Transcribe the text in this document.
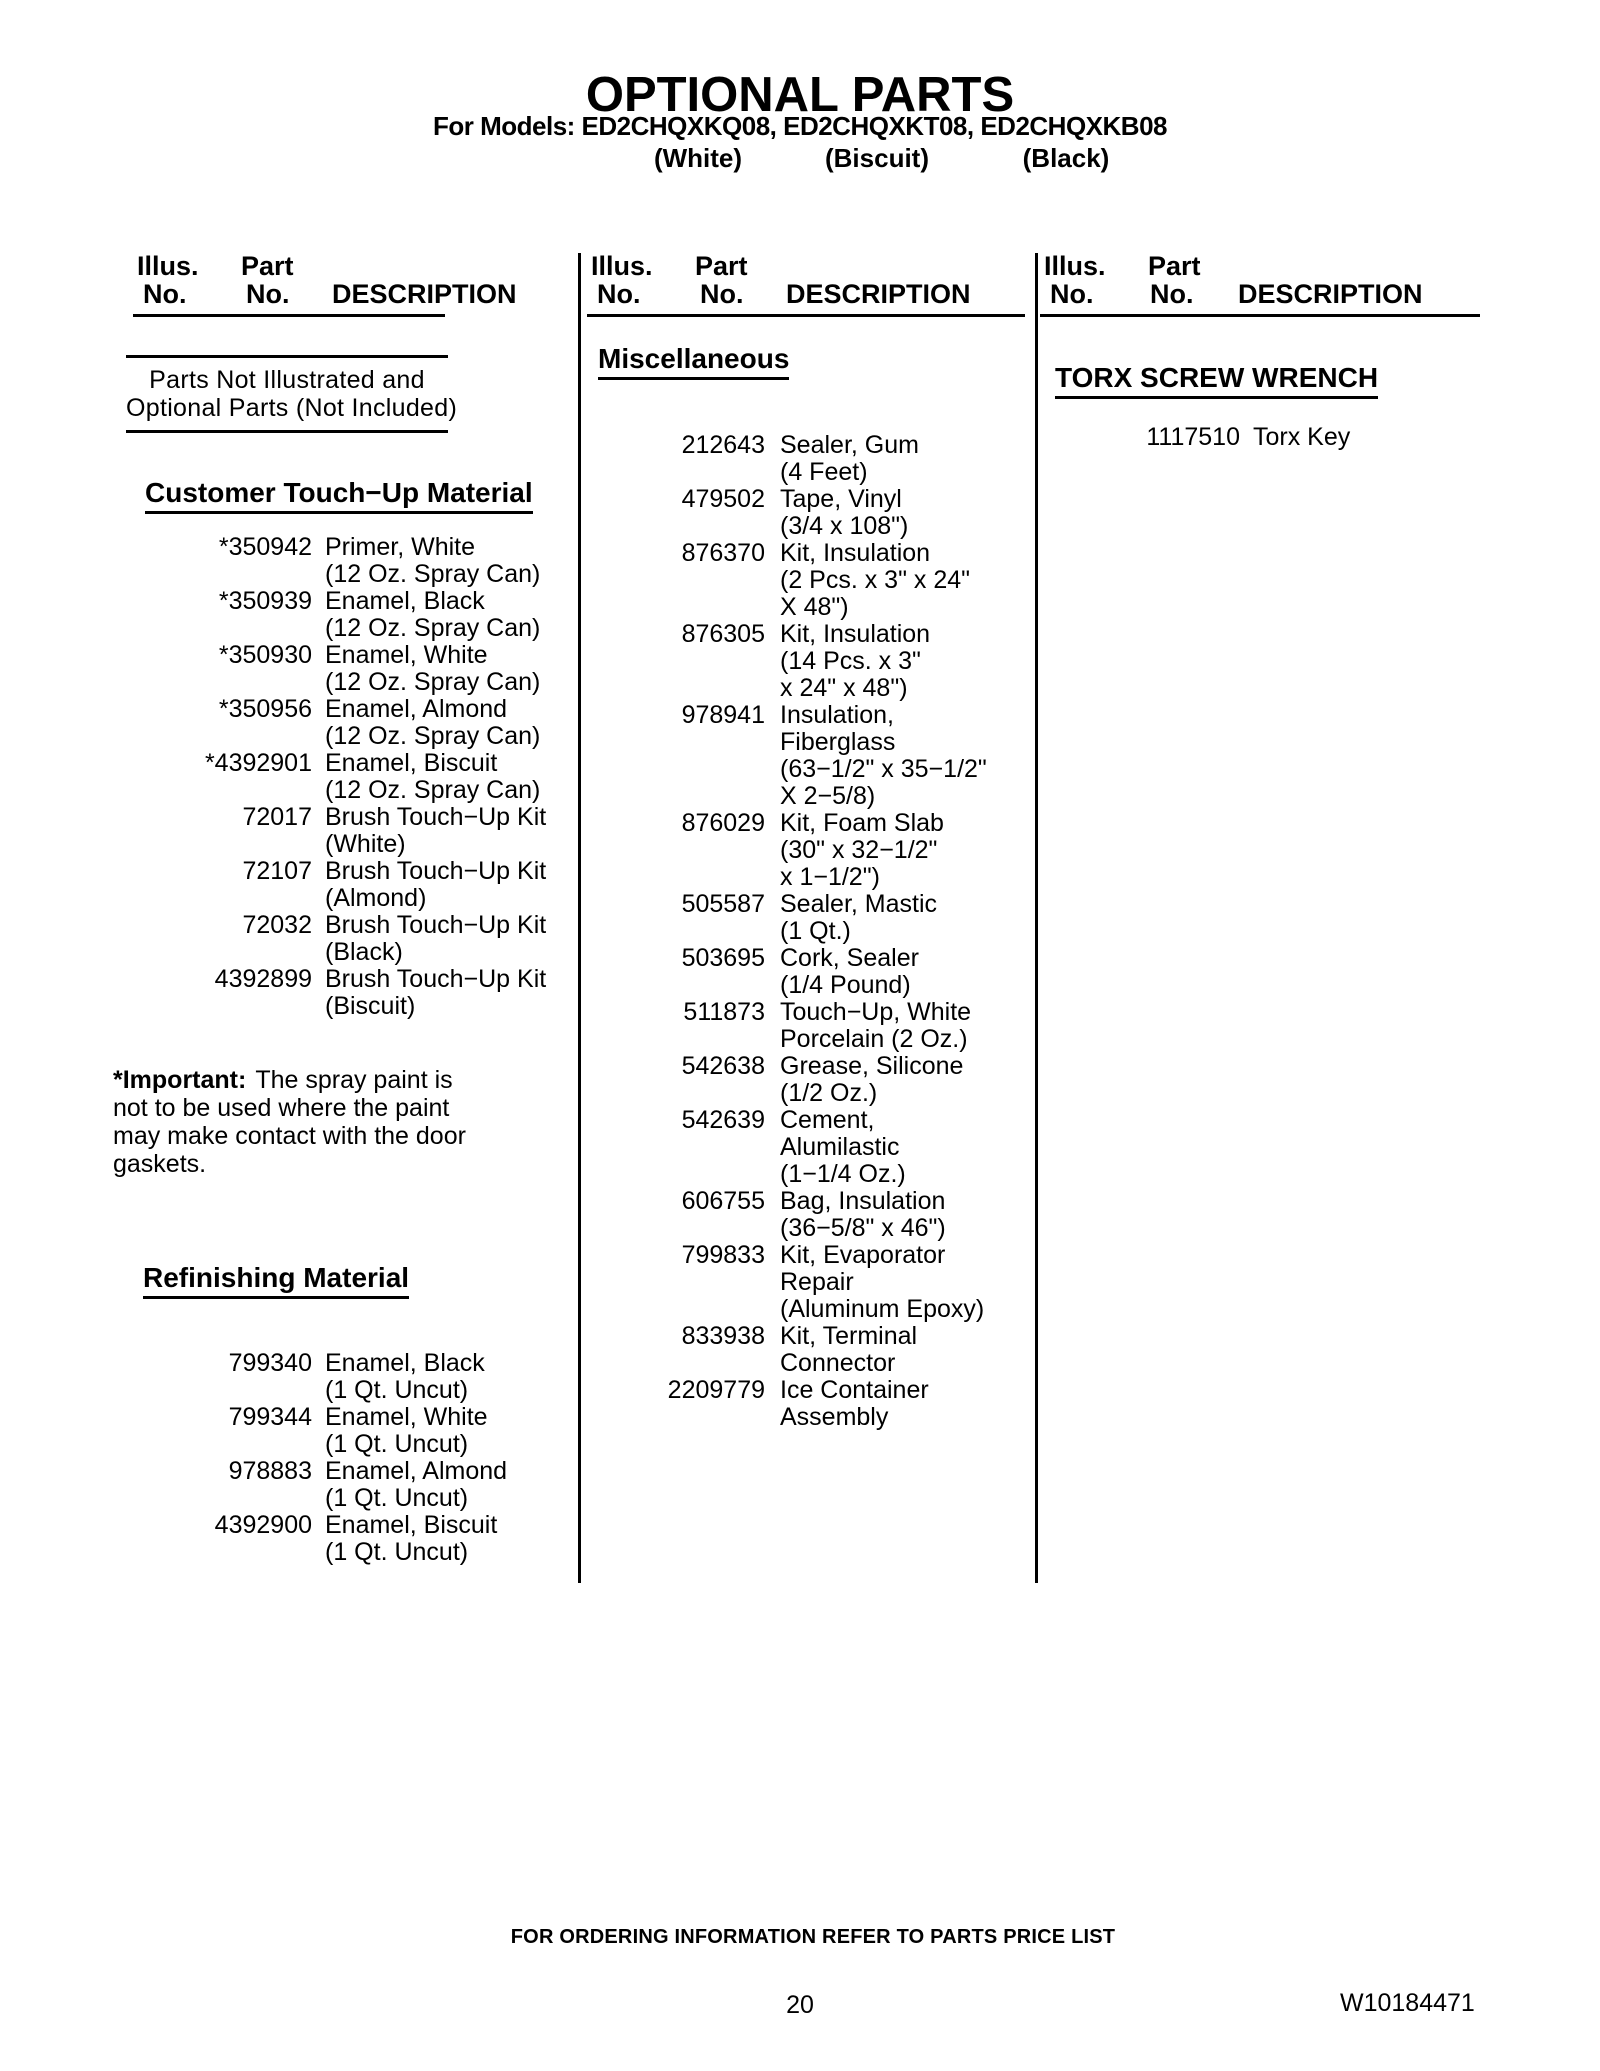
OPTIONAL PARTS
For Models: ED2CHQXKQ08, ED2CHQXKT08, ED2CHQXKB08
(White)	(Biscuit)	(Black)
Illus.
No.
Part
No. DESCRIPTION
Illus.
No.
Part
No. DESCRIPTION
Illus.
No.
Part
No. DESCRIPTION
Parts Not Illustrated and
Optional Parts (Not Included)
Customer Touch−Up Material
*350942 Primer, White
(12 Oz. Spray Can)
*350939 Enamel, Black
(12 Oz. Spray Can)
*350930 Enamel, White
(12 Oz. Spray Can)
*350956 Enamel, Almond
(12 Oz. Spray Can)
*4392901 Enamel, Biscuit
(12 Oz. Spray Can)
72017 Brush Touch−Up Kit
(White)
72107 Brush Touch−Up Kit
(Almond)
72032 Brush Touch−Up Kit
(Black)
4392899 Brush Touch−Up Kit
(Biscuit)
*Important: The spray paint is
not to be used where the paint
may make contact with the door
gaskets.
Refinishing Material
799340 Enamel, Black
(1 Qt. Uncut)
799344 Enamel, White
(1 Qt. Uncut)
978883 Enamel, Almond
(1 Qt. Uncut)
4392900 Enamel, Biscuit
(1 Qt. Uncut)
Miscellaneous
212643 Sealer, Gum
(4 Feet)
479502 Tape, Vinyl
(3/4 x 108")
876370 Kit, Insulation
(2 Pcs. x 3" x 24"
X 48")
876305 Kit, Insulation
(14 Pcs. x 3"
x 24" x 48")
978941 Insulation,
Fiberglass
(63−1/2" x 35−1/2"
X 2−5/8)
876029 Kit, Foam Slab
(30" x 32−1/2"
x 1−1/2")
505587 Sealer, Mastic
(1 Qt.)
503695 Cork, Sealer
(1/4 Pound)
511873 Touch−Up, White
Porcelain (2 Oz.)
542638 Grease, Silicone
(1/2 Oz.)
542639 Cement,
Alumilastic
(1−1/4 Oz.)
606755 Bag, Insulation
(36−5/8" x 46")
799833 Kit, Evaporator
Repair
(Aluminum Epoxy)
833938 Kit, Terminal
Connector
2209779 Ice Container
Assembly
TORX SCREW WRENCH
1117510 Torx Key
FOR ORDERING INFORMATION REFER TO PARTS PRICE LIST
20	W10184471
